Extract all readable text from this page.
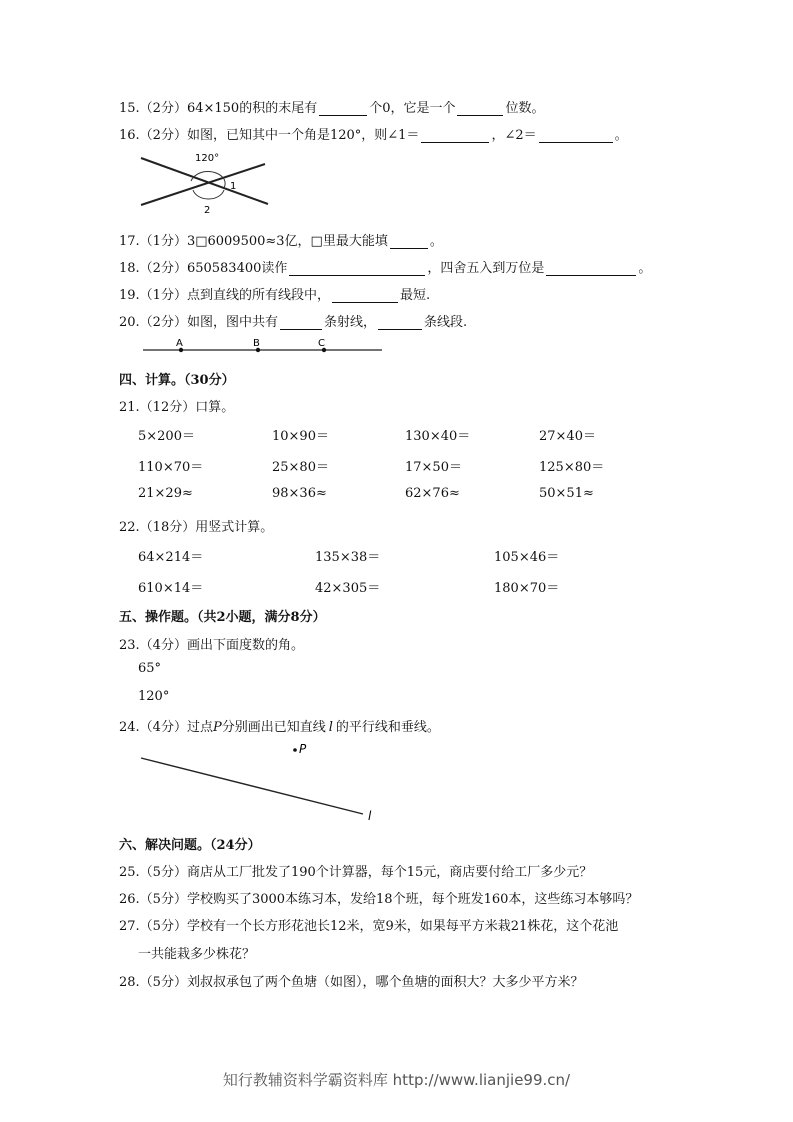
15.（2分）64×150的积的末尾有	个0，它是一个	位数。
16.（2分）如图，已知其中一个角是120°，则∠1＝	，∠2＝	。
120°
1
2
17.（1分）3□6009500≈3亿，□里最大能填	。
18.（2分）650583400读作	，四舍五入到万位是	。
19.（1分）点到直线的所有线段中，	最短.
20.（2分）如图，图中共有	条射线，	条线段.
A	B	C
四、计算。（30分）
21.（12分）口算。
5×200＝	10×90＝	130×40＝	27×40＝
110×70＝	25×80＝	17×50＝	125×80＝
21×29≈	98×36≈	62×76≈	50×51≈
22.（18分）用竖式计算。
64×214＝	135×38＝	105×46＝
610×14＝	42×305＝	180×70＝
五、操作题。（共2小题，满分8分）
23.（4分）画出下面度数的角。
65°
120°
24.（4分）过点P分别画出已知直线 l 的平行线和垂线。
P
l
六、解决问题。（24分）
25.（5分）商店从工厂批发了190个计算器，每个15元，商店要付给工厂多少元？
26.（5分）学校购买了3000本练习本，发给18个班，每个班发160本，这些练习本够吗？
27.（5分）学校有一个长方形花池长12米，宽9米，如果每平方米栽21株花，这个花池
一共能栽多少株花？
28.（5分）刘叔叔承包了两个鱼塘（如图），哪个鱼塘的面积大？大多少平方米？
知行教辅资料学霸资料库 http://www.lianjie99.cn/
